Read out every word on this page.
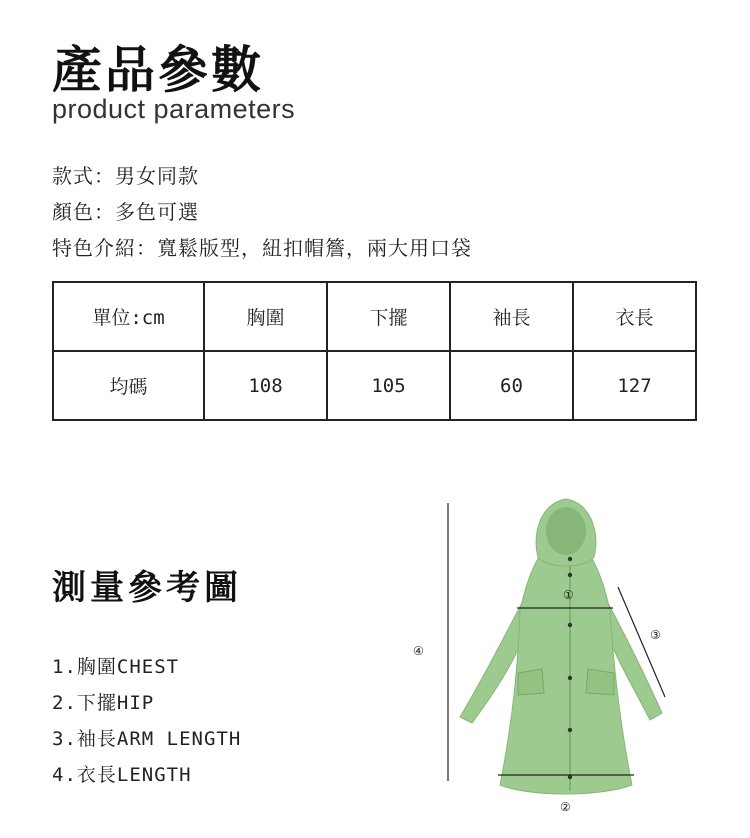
產品參數
product parameters
款式：男女同款
顏色：多色可選
特色介紹：寬鬆版型，紐扣帽簷，兩大用口袋
單位:cm	胸圍	下擺	袖長	衣長
均碼	108	105	60	127
測量參考圖
1.胸圍CHEST
2.下擺HIP
3.袖長ARM LENGTH
4.衣長LENGTH
①
②
③
④
